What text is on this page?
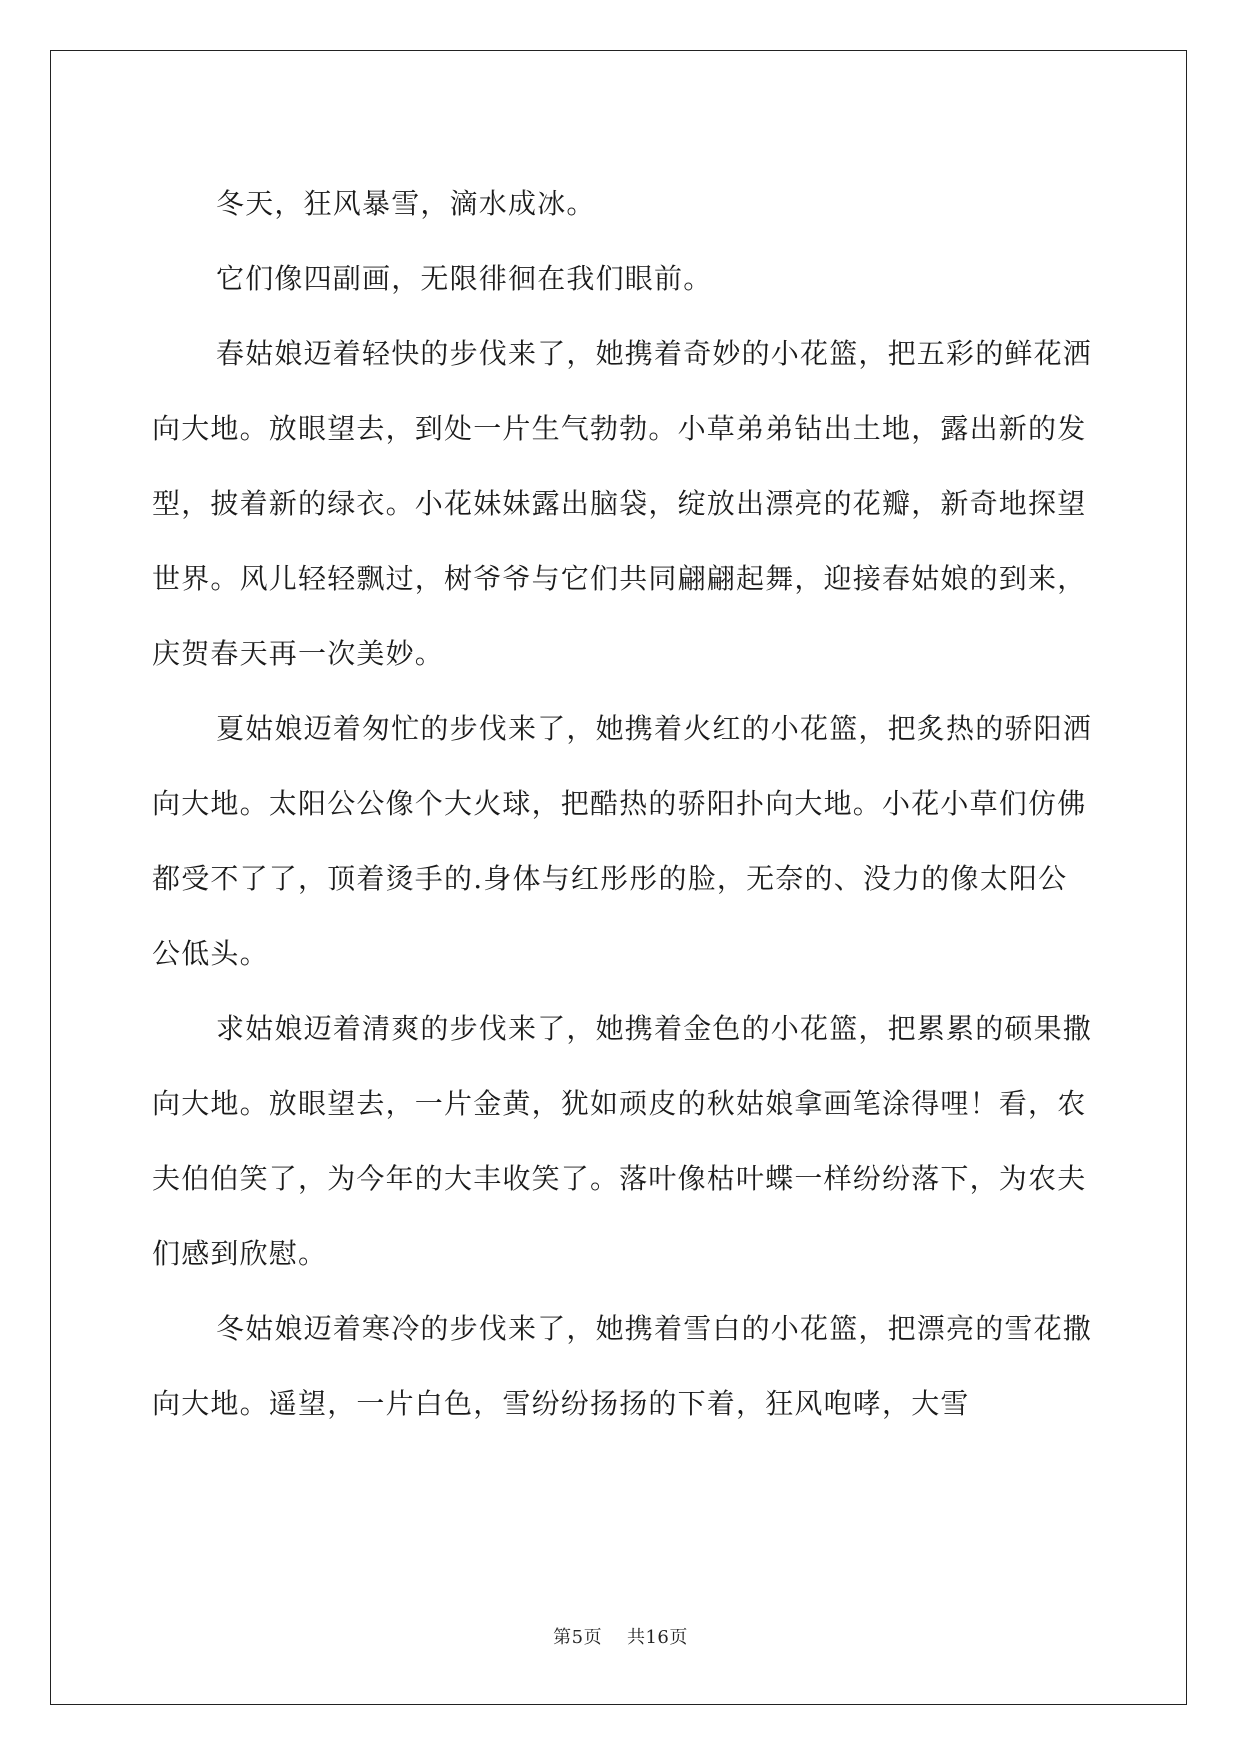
冬天，狂风暴雪，滴水成冰。

它们像四副画，无限徘徊在我们眼前。

春姑娘迈着轻快的步伐来了，她携着奇妙的小花篮，把五彩的鲜花洒向大地。放眼望去，到处一片生气勃勃。小草弟弟钻出土地，露出新的发型，披着新的绿衣。小花妹妹露出脑袋，绽放出漂亮的花瓣，新奇地探望世界。风儿轻轻飘过，树爷爷与它们共同翩翩起舞，迎接春姑娘的到来，庆贺春天再一次美妙。

夏姑娘迈着匆忙的步伐来了，她携着火红的小花篮，把炙热的骄阳洒向大地。太阳公公像个大火球，把酷热的骄阳扑向大地。小花小草们仿佛都受不了了，顶着烫手的.身体与红彤彤的脸，无奈的、没力的像太阳公公低头。

求姑娘迈着清爽的步伐来了，她携着金色的小花篮，把累累的硕果撒向大地。放眼望去，一片金黄，犹如顽皮的秋姑娘拿画笔涂得哩！看，农夫伯伯笑了，为今年的大丰收笑了。落叶像枯叶蝶一样纷纷落下，为农夫们感到欣慰。

冬姑娘迈着寒冷的步伐来了，她携着雪白的小花篮，把漂亮的雪花撒向大地。遥望，一片白色，雪纷纷扬扬的下着，狂风咆哮，大雪

第5页 共16页
